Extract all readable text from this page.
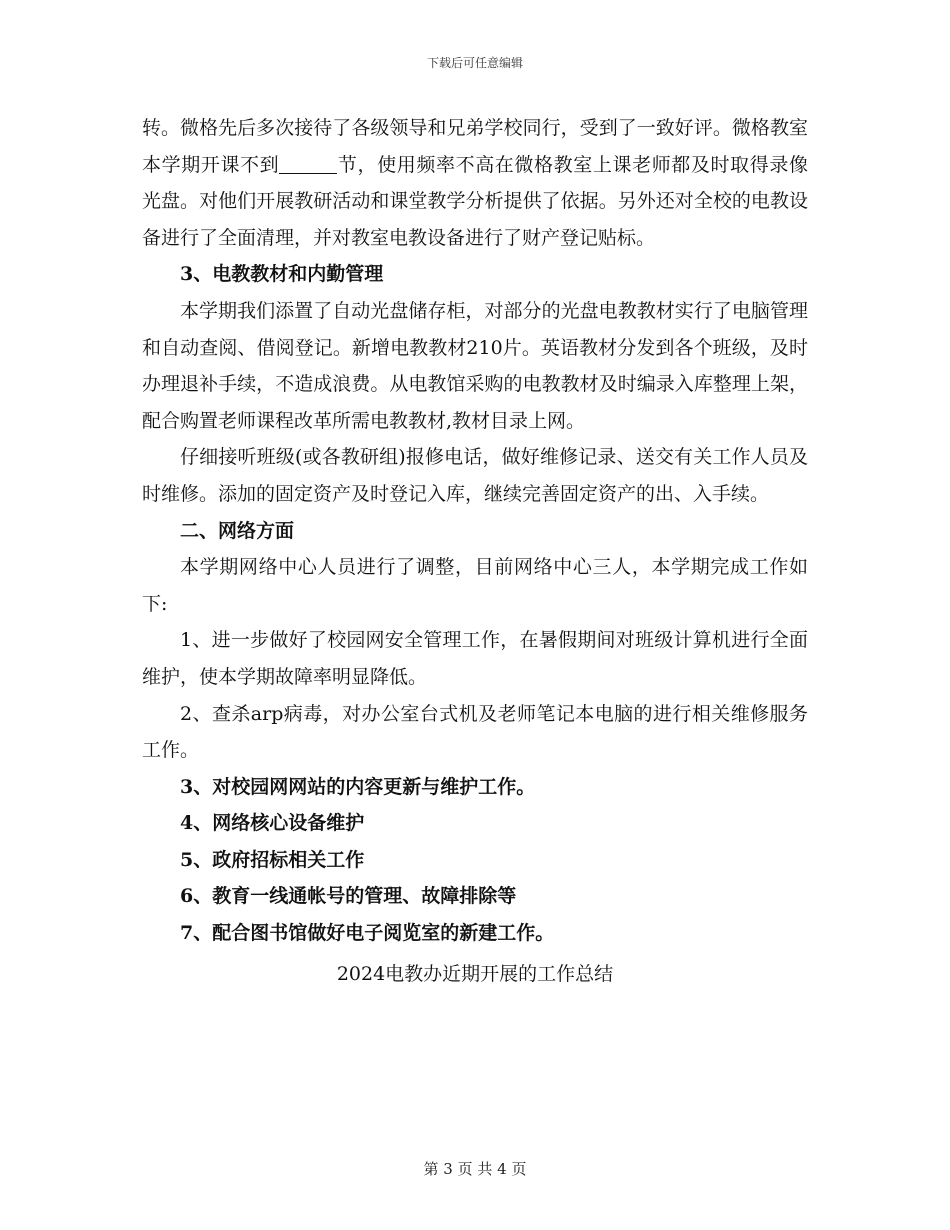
下载后可任意编辑

转。微格先后多次接待了各级领导和兄弟学校同行，受到了一致好评。微格教室本学期开课不到	节，使用频率不高在微格教室上课老师都及时取得录像光盘。对他们开展教研活动和课堂教学分析提供了依据。另外还对全校的电教设备进行了全面清理，并对教室电教设备进行了财产登记贴标。

3、电教教材和内勤管理

本学期我们添置了自动光盘储存柜，对部分的光盘电教教材实行了电脑管理和自动查阅、借阅登记。新增电教教材210片。英语教材分发到各个班级，及时办理退补手续，不造成浪费。从电教馆采购的电教教材及时编录入库整理上架，配合购置老师课程改革所需电教教材,教材目录上网。

仔细接听班级(或各教研组)报修电话，做好维修记录、送交有关工作人员及时维修。添加的固定资产及时登记入库，继续完善固定资产的出、入手续。

二、网络方面

本学期网络中心人员进行了调整，目前网络中心三人，本学期完成工作如下:

1、进一步做好了校园网安全管理工作，在暑假期间对班级计算机进行全面维护，使本学期故障率明显降低。

2、查杀arp病毒，对办公室台式机及老师笔记本电脑的进行相关维修服务工作。

3、对校园网网站的内容更新与维护工作。

4、网络核心设备维护

5、政府招标相关工作

6、教育一线通帐号的管理、故障排除等

7、配合图书馆做好电子阅览室的新建工作。

2024电教办近期开展的工作总结

第 3 页 共 4 页
